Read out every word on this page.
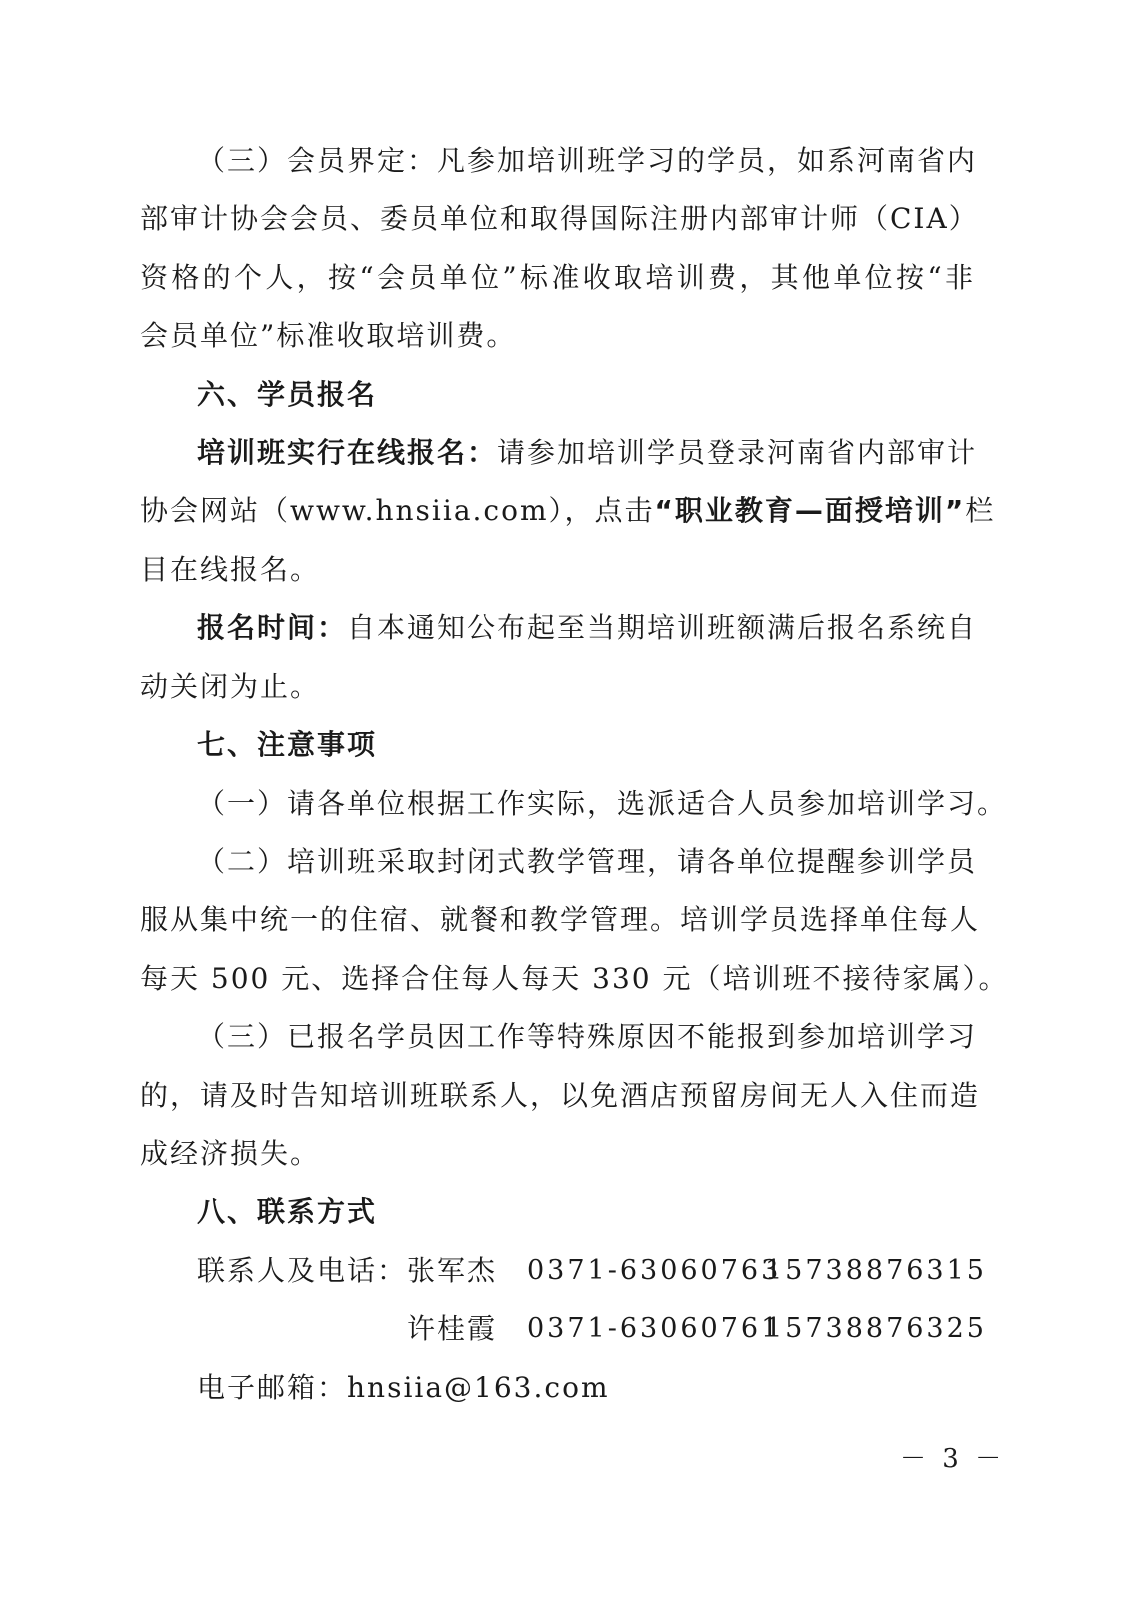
（三）会员界定：凡参加培训班学习的学员，如系河南省内
部审计协会会员、委员单位和取得国际注册内部审计师（CIA）
资格的个人，按“会员单位”标准收取培训费，其他单位按“非
会员单位”标准收取培训费。
六、学员报名
培训班实行在线报名：请参加培训学员登录河南省内部审计
协会网站（www.hnsiia.com），点击“职业教育—面授培训”栏
目在线报名。
报名时间：自本通知公布起至当期培训班额满后报名系统自
动关闭为止。
七、注意事项
（一）请各单位根据工作实际，选派适合人员参加培训学习。
（二）培训班采取封闭式教学管理，请各单位提醒参训学员
服从集中统一的住宿、就餐和教学管理。培训学员选择单住每人
每天 500 元、选择合住每人每天 330 元（培训班不接待家属）。
（三）已报名学员因工作等特殊原因不能报到参加培训学习
的，请及时告知培训班联系人，以免酒店预留房间无人入住而造
成经济损失。
八、联系方式
联系人及电话： 张军杰 0371-63060763
15738876315
许桂霞 0371-63060761
15738876325
电子邮箱：hnsiia@163.com
－ 3 －
